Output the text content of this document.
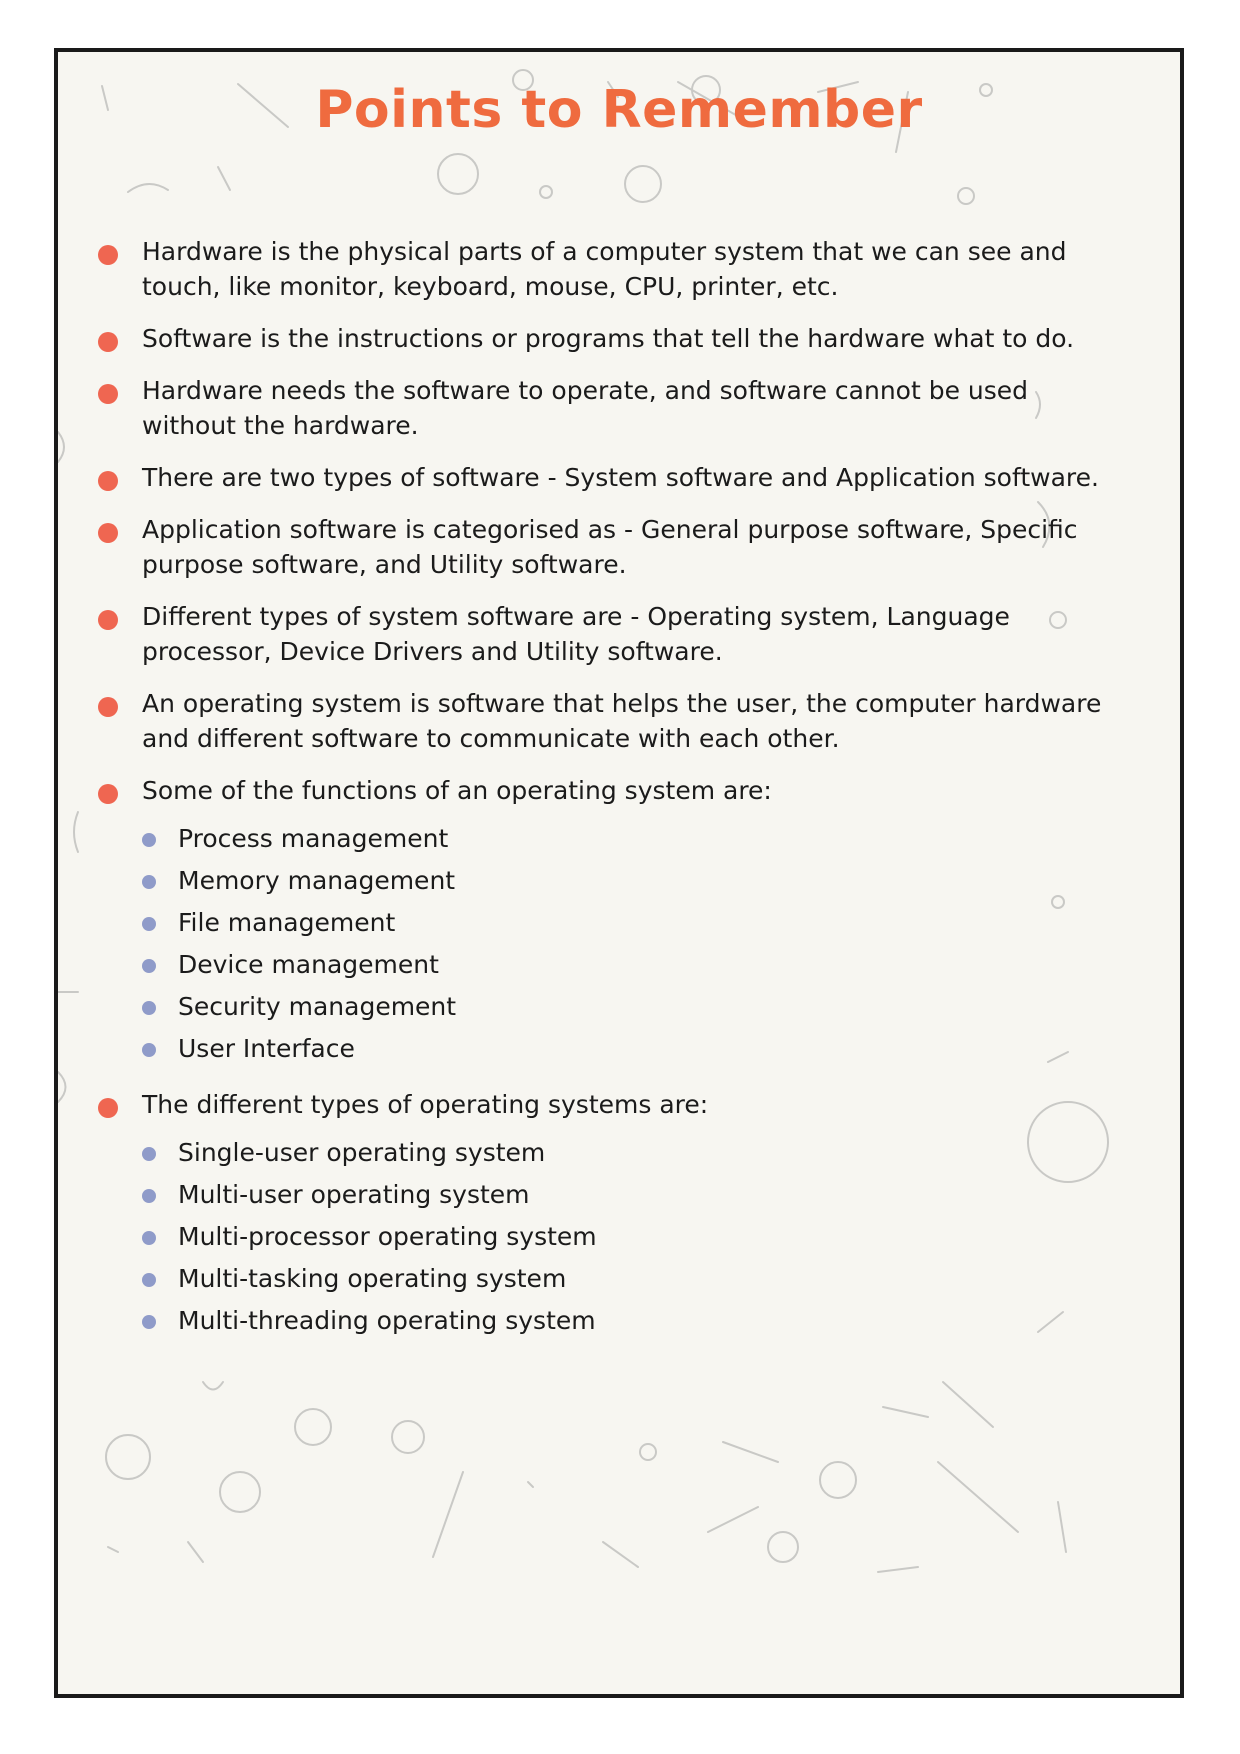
Points to Remember
Hardware is the physical parts of a computer system that we can see and touch, like monitor, keyboard, mouse, CPU, printer, etc.
Software is the instructions or programs that tell the hardware what to do.
Hardware needs the software to operate, and software cannot be used without the hardware.
There are two types of software - System software and Application software.
Application software is categorised as - General purpose software, Specific purpose software, and Utility software.
Different types of system software are - Operating system, Language processor, Device Drivers and Utility software.
An operating system is software that helps the user, the computer hardware and different software to communicate with each other.
Some of the functions of an operating system are:
Process management
Memory management
File management
Device management
Security management
User Interface
The different types of operating systems are:
Single-user operating system
Multi-user operating system
Multi-processor operating system
Multi-tasking operating system
Multi-threading operating system
